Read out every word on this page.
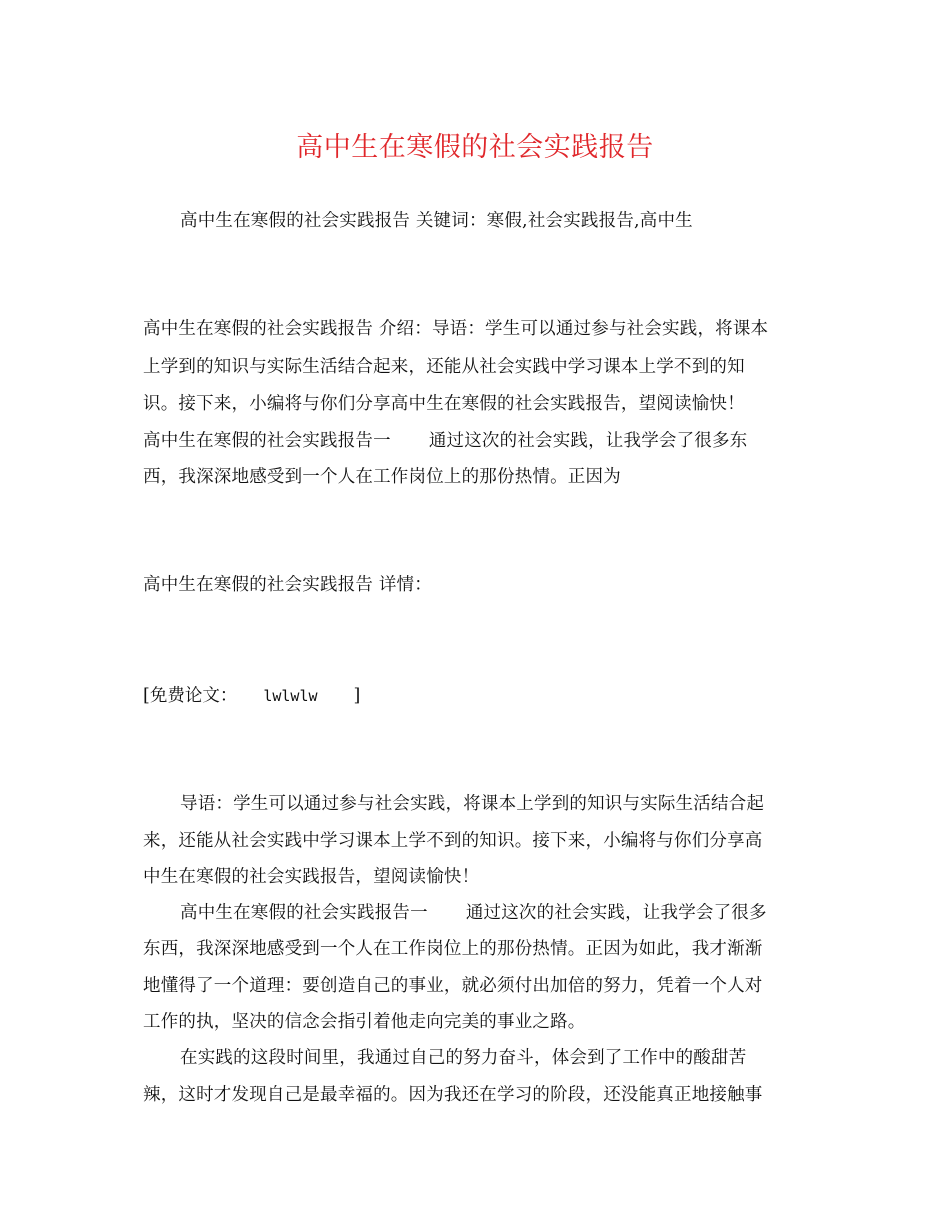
高中生在寒假的社会实践报告
高中生在寒假的社会实践报告 关键词：寒假,社会实践报告,高中生
高中生在寒假的社会实践报告 介绍：导语：学生可以通过参与社会实践，将课本
上学到的知识与实际生活结合起来，还能从社会实践中学习课本上学不到的知
识。接下来，小编将与你们分享高中生在寒假的社会实践报告，望阅读愉快！
高中生在寒假的社会实践报告一 通过这次的社会实践，让我学会了很多东
西，我深深地感受到一个人在工作岗位上的那份热情。正因为
高中生在寒假的社会实践报告 详情：
[免费论文： lwlwlw ]
导语：学生可以通过参与社会实践，将课本上学到的知识与实际生活结合起
来，还能从社会实践中学习课本上学不到的知识。接下来，小编将与你们分享高
中生在寒假的社会实践报告，望阅读愉快！
高中生在寒假的社会实践报告一 通过这次的社会实践，让我学会了很多
东西，我深深地感受到一个人在工作岗位上的那份热情。正因为如此，我才渐渐
地懂得了一个道理：要创造自己的事业，就必须付出加倍的努力，凭着一个人对
工作的执，坚决的信念会指引着他走向完美的事业之路。
在实践的这段时间里，我通过自己的努力奋斗，体会到了工作中的酸甜苦
辣，这时才发现自己是最幸福的。因为我还在学习的阶段，还没能真正地接触事
